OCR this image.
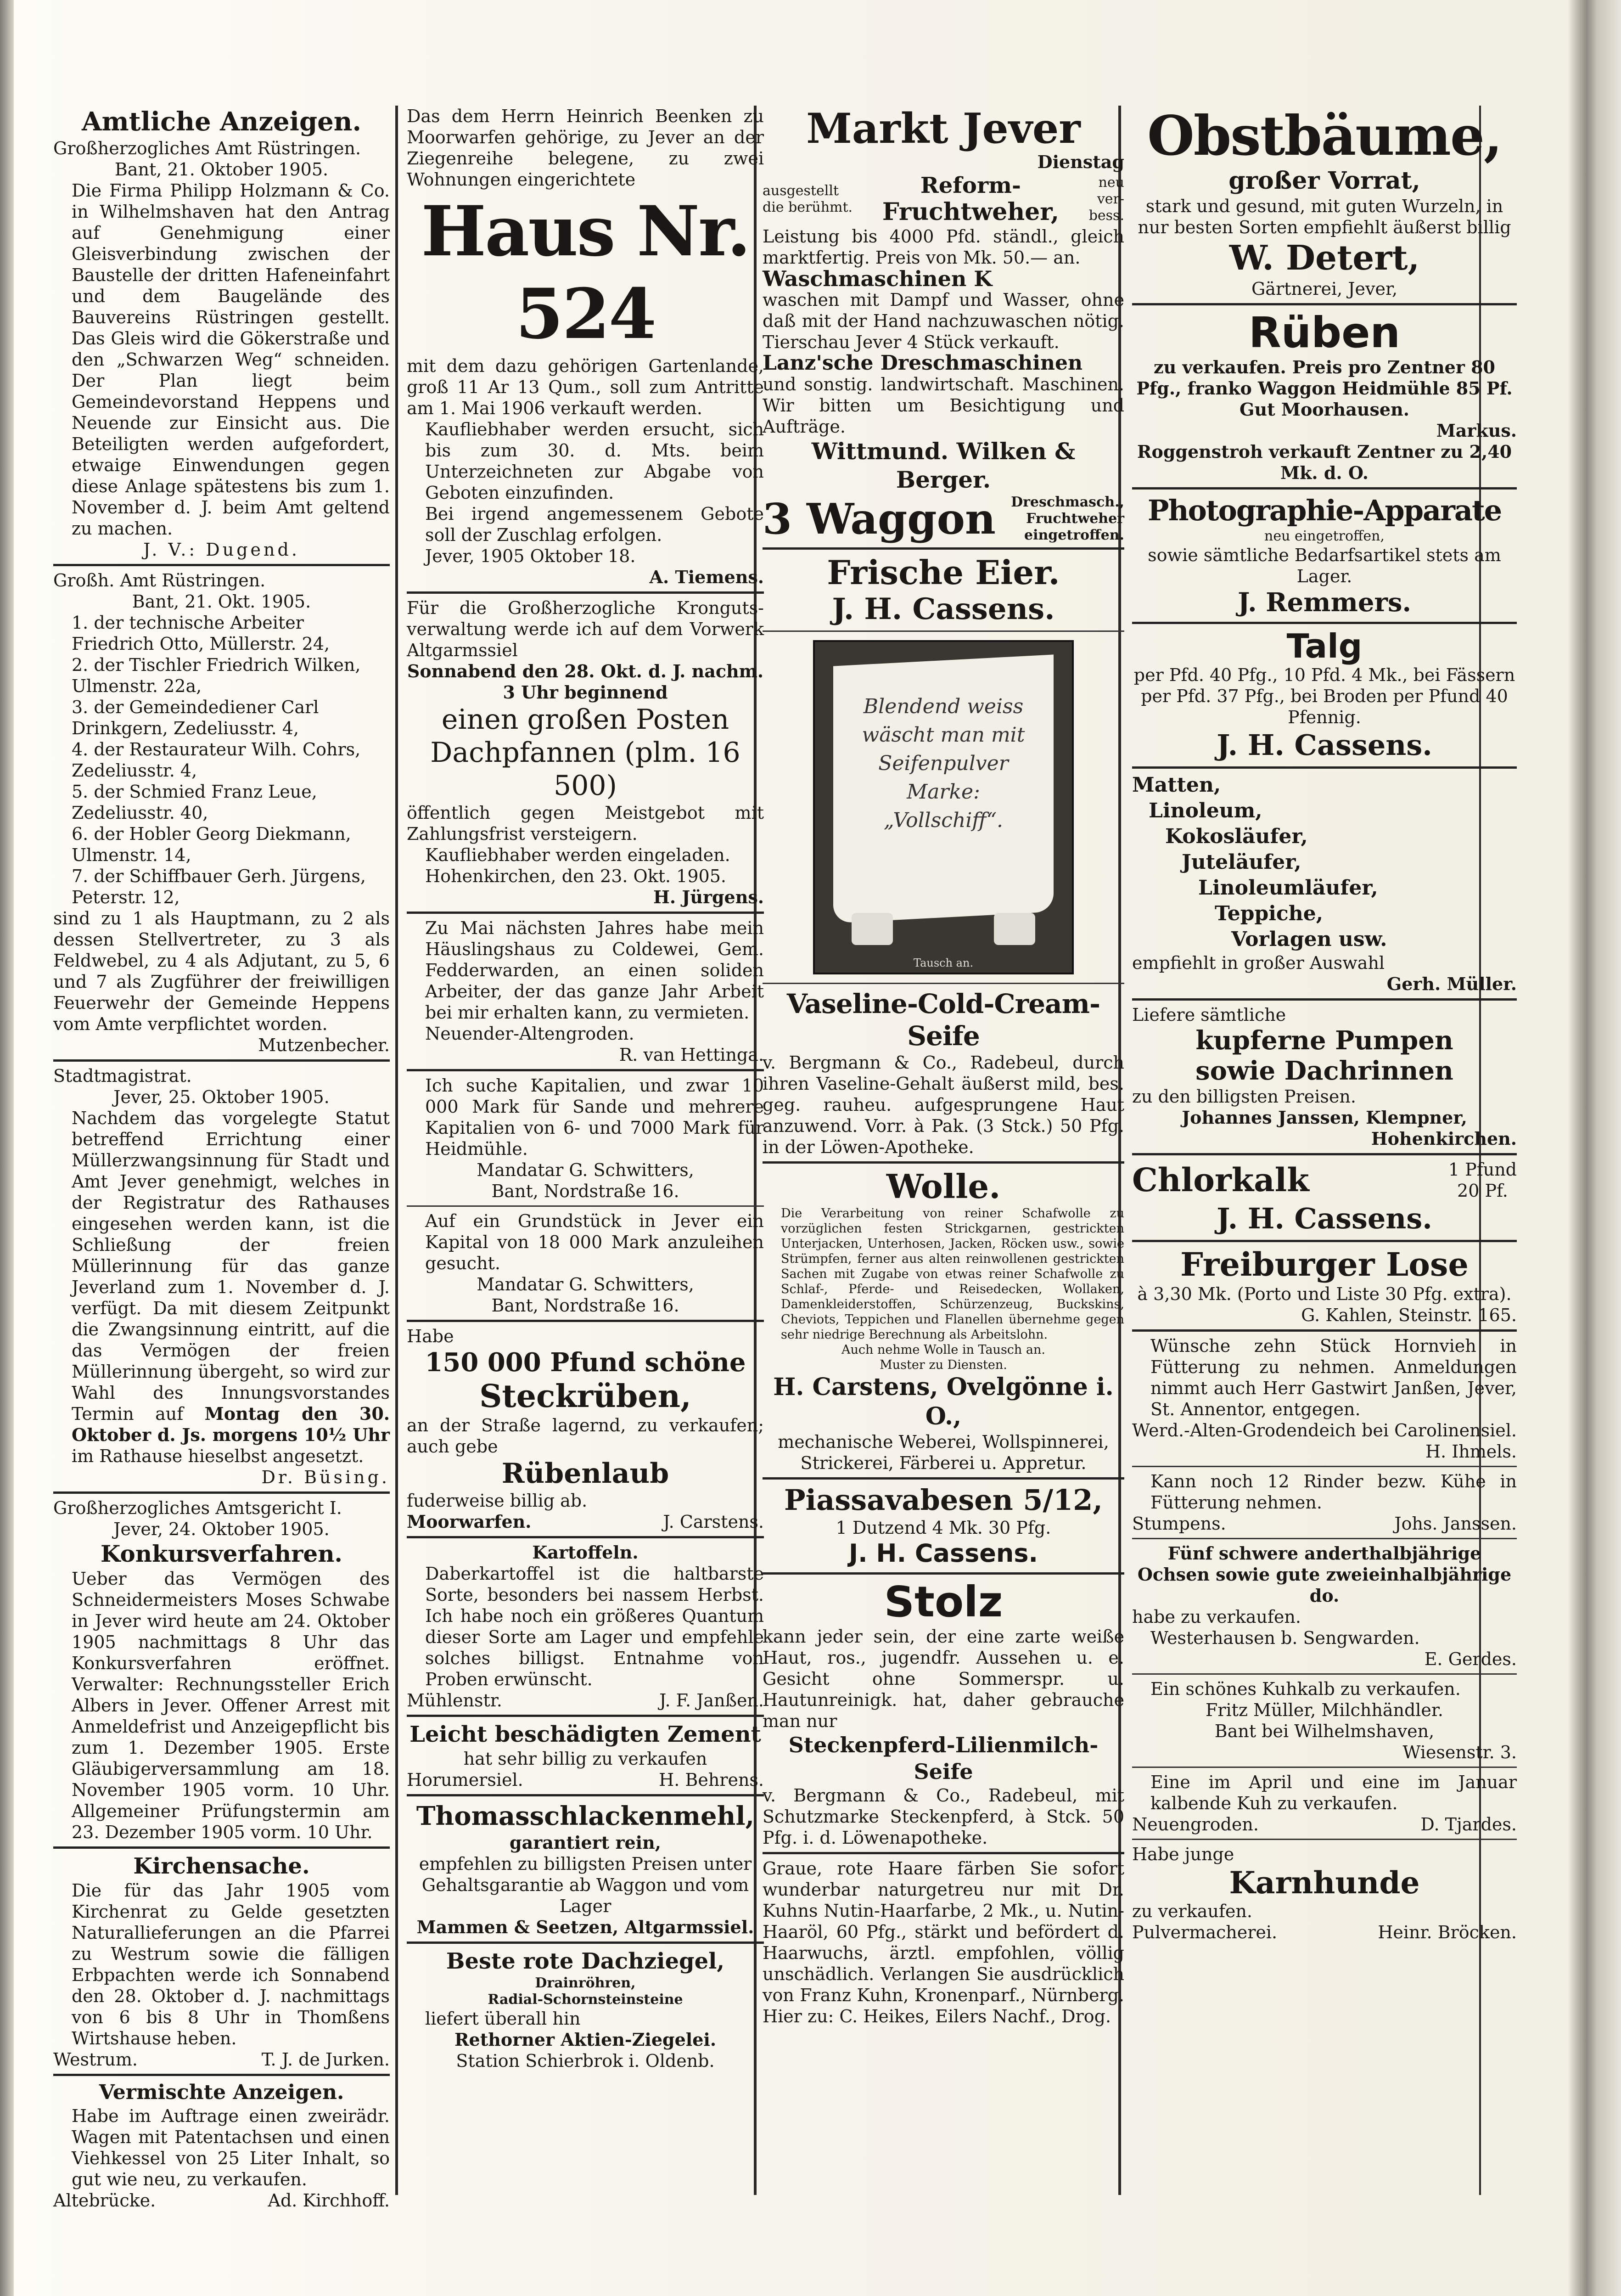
Amtliche Anzeigen.
Großherzogliches Amt Rüstringen.
Bant, 21. Oktober 1905.
Die Firma Philipp Holzmann & Co. in Wilhelmshaven hat den Antrag auf Genehmigung einer Gleisverbindung zwischen der Baustelle der dritten Hafeneinfahrt und dem Baugelände des Bauvereins Rüstringen gestellt. Das Gleis wird die Gökerstraße und den „Schwarzen Weg“ schneiden. Der Plan liegt beim Gemeindevorstand Heppens und Neuende zur Einsicht aus. Die Beteiligten werden aufgefordert, etwaige Einwendungen gegen diese Anlage spätestens bis zum 1. November d. J. beim Amt geltend zu machen.
J. V.: Dugend.
Großh. Amt Rüstringen.
Bant, 21. Okt. 1905.
1. der technische Arbeiter Friedrich Otto, Müllerstr. 24,
2. der Tischler Friedrich Wilken, Ulmenstr. 22a,
3. der Gemeindediener Carl Drinkgern, Zedeliusstr. 4,
4. der Restaurateur Wilh. Cohrs, Zedeliusstr. 4,
5. der Schmied Franz Leue, Zedeliusstr. 40,
6. der Hobler Georg Diekmann, Ulmenstr. 14,
7. der Schiffbauer Gerh. Jürgens, Peterstr. 12,
sind zu 1 als Hauptmann, zu 2 als dessen Stellvertreter, zu 3 als Feldwebel, zu 4 als Adjutant, zu 5, 6 und 7 als Zugführer der freiwilligen Feuerwehr der Gemeinde Heppens vom Amte verpflichtet worden.
Mutzenbecher.
Stadtmagistrat.
Jever, 25. Oktober 1905.
Nachdem das vorgelegte Statut betreffend Errichtung einer Müllerzwangsinnung für Stadt und Amt Jever genehmigt, welches in der Registratur des Rathauses eingesehen werden kann, ist die Schließung der freien Müllerinnung für das ganze Jeverland zum 1. November d. J. verfügt. Da mit diesem Zeitpunkt die Zwangsinnung eintritt, auf die das Vermögen der freien Müllerinnung übergeht, so wird zur Wahl des Innungsvorstandes Termin auf Montag den 30. Oktober d. Js. morgens 10½ Uhr im Rathause hieselbst angesetzt.
Dr. Büsing.
Großherzogliches Amtsgericht I.
Jever, 24. Oktober 1905.
Konkursverfahren.
Ueber das Vermögen des Schneidermeisters Moses Schwabe in Jever wird heute am 24. Oktober 1905 nachmittags 8 Uhr das Konkursverfahren eröffnet. Verwalter: Rechnungssteller Erich Albers in Jever. Offener Arrest mit Anmeldefrist und Anzeigepflicht bis zum 1. Dezember 1905. Erste Gläubigerversammlung am 18. November 1905 vorm. 10 Uhr. Allgemeiner Prüfungstermin am 23. Dezember 1905 vorm. 10 Uhr.
Kirchensache.
Die für das Jahr 1905 vom Kirchenrat zu Gelde gesetzten Naturallieferungen an die Pfarrei zu Westrum sowie die fälligen Erbpachten werde ich Sonnabend den 28. Oktober d. J. nachmittags von 6 bis 8 Uhr in Thomßens Wirtshause heben.
Westrum.	T. J. de Jurken.
Vermischte Anzeigen.
Habe im Auftrage einen zweirädr. Wagen mit Patentachsen und einen Viehkessel von 25 Liter Inhalt, so gut wie neu, zu verkaufen.
Altebrücke.	Ad. Kirchhoff.
Das dem Herrn Heinrich Beenken zu Moorwarfen gehörige, zu Jever an der Ziegenreihe belegene, zu zwei Wohnungen eingerichtete
Haus Nr. 524
mit dem dazu gehörigen Gartenlande, groß 11 Ar 13 Qum., soll zum Antritte am 1. Mai 1906 verkauft werden.
Kaufliebhaber werden ersucht, sich bis zum 30. d. Mts. beim Unterzeichneten zur Abgabe von Geboten einzufinden.
Bei irgend angemessenem Gebote soll der Zuschlag erfolgen.
Jever, 1905 Oktober 18.
A. Tiemens.
Für die Großherzogliche Kronguts-verwaltung werde ich auf dem Vorwerk Altgarmssiel
Sonnabend den 28. Okt. d. J. nachm. 3 Uhr beginnend
einen großen Posten Dachpfannen (plm. 16 500)
öffentlich gegen Meistgebot mit Zahlungsfrist versteigern.
Kaufliebhaber werden eingeladen.
Hohenkirchen, den 23. Okt. 1905.
H. Jürgens.
Zu Mai nächsten Jahres habe mein Häuslingshaus zu Coldewei, Gem. Fedderwarden, an einen soliden Arbeiter, der das ganze Jahr Arbeit bei mir erhalten kann, zu vermieten.
Neuender-Altengroden.
R. van Hettinga.
Ich suche Kapitalien, und zwar 10 000 Mark für Sande und mehrere Kapitalien von 6- und 7000 Mark für Heidmühle.
Mandatar G. Schwitters,
Bant, Nordstraße 16.
Auf ein Grundstück in Jever ein Kapital von 18 000 Mark anzuleihen gesucht.
Mandatar G. Schwitters,
Bant, Nordstraße 16.
Habe
150 000 Pfund schöne
Steckrüben,
an der Straße lagernd, zu verkaufen; auch gebe
Rübenlaub
fuderweise billig ab.
Moorwarfen.	J. Carstens.
Kartoffeln.
Daberkartoffel ist die haltbarste Sorte, besonders bei nassem Herbst. Ich habe noch ein größeres Quantum dieser Sorte am Lager und empfehle solches billigst. Entnahme von Proben erwünscht.
Mühlenstr.	J. F. Janßen.
Leicht beschädigten Zement
hat sehr billig zu verkaufen
Horumersiel.	H. Behrens.
Thomasschlackenmehl,
garantiert rein,
empfehlen zu billigsten Preisen unter Gehaltsgarantie ab Waggon und vom Lager
Mammen & Seetzen, Altgarmssiel.
Beste rote Dachziegel,
Drainröhren,
Radial-Schornsteinsteine
liefert überall hin
Rethorner Aktien-Ziegelei.
Station Schierbrok i. Oldenb.
Markt Jever
Dienstag
ausgestellt
die berühmt.
Reform-
Fruchtweher,
neu
ver-
bess.
Leistung bis 4000 Pfd. ständl., gleich marktfertig. Preis von Mk. 50.— an.
Waschmaschinen K
waschen mit Dampf und Wasser, ohne daß mit der Hand nachzuwaschen nötig. Tierschau Jever 4 Stück verkauft.
Lanz'sche Dreschmaschinen
und sonstig. landwirtschaft. Maschinen. Wir bitten um Besichtigung und Aufträge.
Wittmund. Wilken & Berger.
3 Waggon Dreschmasch.,
Fruchtweher
eingetroffen.
Frische Eier.
J. H. Cassens.
Blendend weiss
wäscht man mit
Seifenpulver
Marke:
„Vollschiff“.
Tausch an.
Vaseline-Cold-Cream-Seife
v. Bergmann & Co., Radebeul, durch ihren Vaseline-Gehalt äußerst mild, bes. geg. rauheu. aufgesprungene Haut anzuwend. Vorr. à Pak. (3 Stck.) 50 Pfg. in der Löwen-Apotheke.
Wolle.
Die Verarbeitung von reiner Schafwolle zu vorzüglichen festen Strickgarnen, gestrickten Unterjacken, Unterhosen, Jacken, Röcken usw., sowie Strümpfen, ferner aus alten reinwollenen gestrickten Sachen mit Zugabe von etwas reiner Schafwolle zu Schlaf-, Pferde- und Reisedecken, Wollaken, Damenkleiderstoffen, Schürzenzeug, Buckskins, Cheviots, Teppichen und Flanellen übernehme gegen sehr niedrige Berechnung als Arbeitslohn.
Auch nehme Wolle in Tausch an.
Muster zu Diensten.
H. Carstens, Ovelgönne i. O.,
mechanische Weberei, Wollspinnerei, Strickerei, Färberei u. Appretur.
Piassavabesen 5/12,
1 Dutzend 4 Mk. 30 Pfg.
J. H. Cassens.
Stolz
kann jeder sein, der eine zarte weiße Haut, ros., jugendfr. Aussehen u. e. Gesicht ohne Sommerspr. u. Hautunreinigk. hat, daher gebrauche man nur
Steckenpferd-Lilienmilch-Seife
v. Bergmann & Co., Radebeul, mit Schutzmarke Steckenpferd, à Stck. 50 Pfg. i. d. Löwenapotheke.
Graue, rote Haare färben Sie sofort wunderbar naturgetreu nur mit Dr. Kuhns Nutin-Haarfarbe, 2 Mk., u. Nutin-Haaröl, 60 Pfg., stärkt und befördert d. Haarwuchs, ärztl. empfohlen, völlig unschädlich. Verlangen Sie ausdrücklich von Franz Kuhn, Kronenparf., Nürnberg. Hier zu: C. Heikes, Eilers Nachf., Drog.
Obstbäume,
großer Vorrat,
stark und gesund, mit guten Wurzeln, in nur besten Sorten empfiehlt äußerst billig
W. Detert,
Gärtnerei, Jever,
Rüben
zu verkaufen. Preis pro Zentner 80 Pfg., franko Waggon Heidmühle 85 Pf. Gut Moorhausen.
Markus.
Roggenstroh verkauft Zentner zu 2,40 Mk. d. O.
Photographie-Apparate
neu eingetroffen,
sowie sämtliche Bedarfsartikel stets am Lager.
J. Remmers.
Talg
per Pfd. 40 Pfg., 10 Pfd. 4 Mk., bei Fässern per Pfd. 37 Pfg., bei Broden per Pfund 40 Pfennig.
J. H. Cassens.
Matten,
Linoleum,
Kokosläufer,
Juteläufer,
Linoleumläufer,
Teppiche,
Vorlagen usw.
empfiehlt in großer Auswahl
Gerh. Müller.
Liefere sämtliche
kupferne Pumpen
sowie Dachrinnen
zu den billigsten Preisen.
Johannes Janssen, Klempner,
Hohenkirchen.
Chlorkalk	1 Pfund
20 Pf.
J. H. Cassens.
Freiburger Lose
à 3,30 Mk. (Porto und Liste 30 Pfg. extra).
G. Kahlen, Steinstr. 165.
Wünsche zehn Stück Hornvieh in Fütterung zu nehmen. Anmeldungen nimmt auch Herr Gastwirt Janßen, Jever, St. Annentor, entgegen.
Werd.-Alten-Grodendeich bei Carolinensiel.
H. Ihmels.
Kann noch 12 Rinder bezw. Kühe in Fütterung nehmen.
Stumpens.	Johs. Janssen.
Fünf schwere anderthalbjährige Ochsen sowie gute zweieinhalbjährige do.
habe zu verkaufen.
Westerhausen b. Sengwarden.
E. Gerdes.
Ein schönes Kuhkalb zu verkaufen.
Fritz Müller, Milchhändler.
Bant bei Wilhelmshaven,
Wiesenstr. 3.
Eine im April und eine im Januar kalbende Kuh zu verkaufen.
Neuengroden.	D. Tjardes.
Habe junge
Karnhunde
zu verkaufen.
Pulvermacherei.	Heinr. Bröcken.
